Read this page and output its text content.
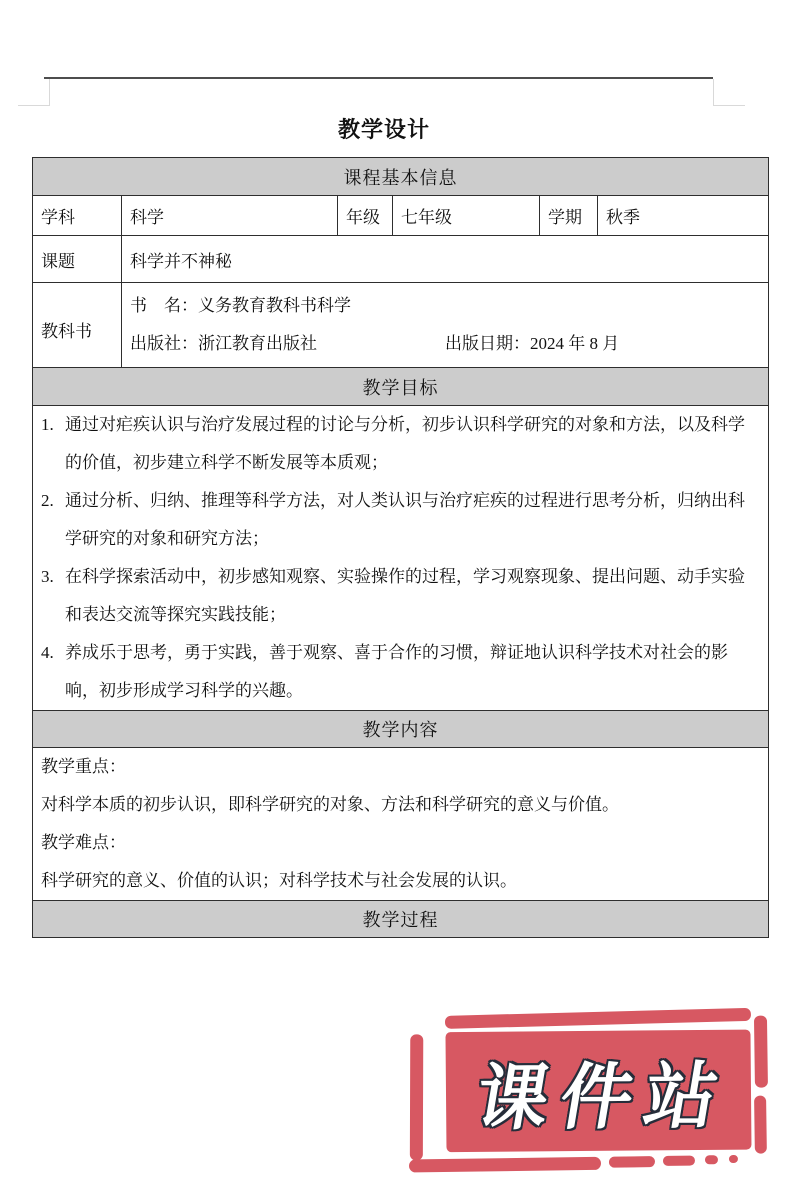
教学设计
课程基本信息					
学科	科学	年级	七年级	学期	秋季
课题	科学并不神秘				
教科书	书　名：义务教育教科书科学
出版社：浙江教育出版社 出版日期：2024 年 8 月				

教学目标					

1. 通过对疟疾认识与治疗发展过程的讨论与分析，初步认识科学研究的对象和方法，以及科学的价值，初步建立科学不断发展等本质观；
2. 通过分析、归纳、推理等科学方法，对人类认识与治疗疟疾的过程进行思考分析，归纳出科学研究的对象和研究方法；
3. 在科学探索活动中，初步感知观察、实验操作的过程，学习观察现象、提出问题、动手实验和表达交流等探究实践技能；
4. 养成乐于思考，勇于实践，善于观察、喜于合作的习惯，辩证地认识科学技术对社会的影响，初步形成学习科学的兴趣。					

教学内容					

教学重点：
对科学本质的初步认识，即科学研究的对象、方法和科学研究的意义与价值。
教学难点：
科学研究的意义、价值的认识；对科学技术与社会发展的认识。					

教学过程					
课件站
